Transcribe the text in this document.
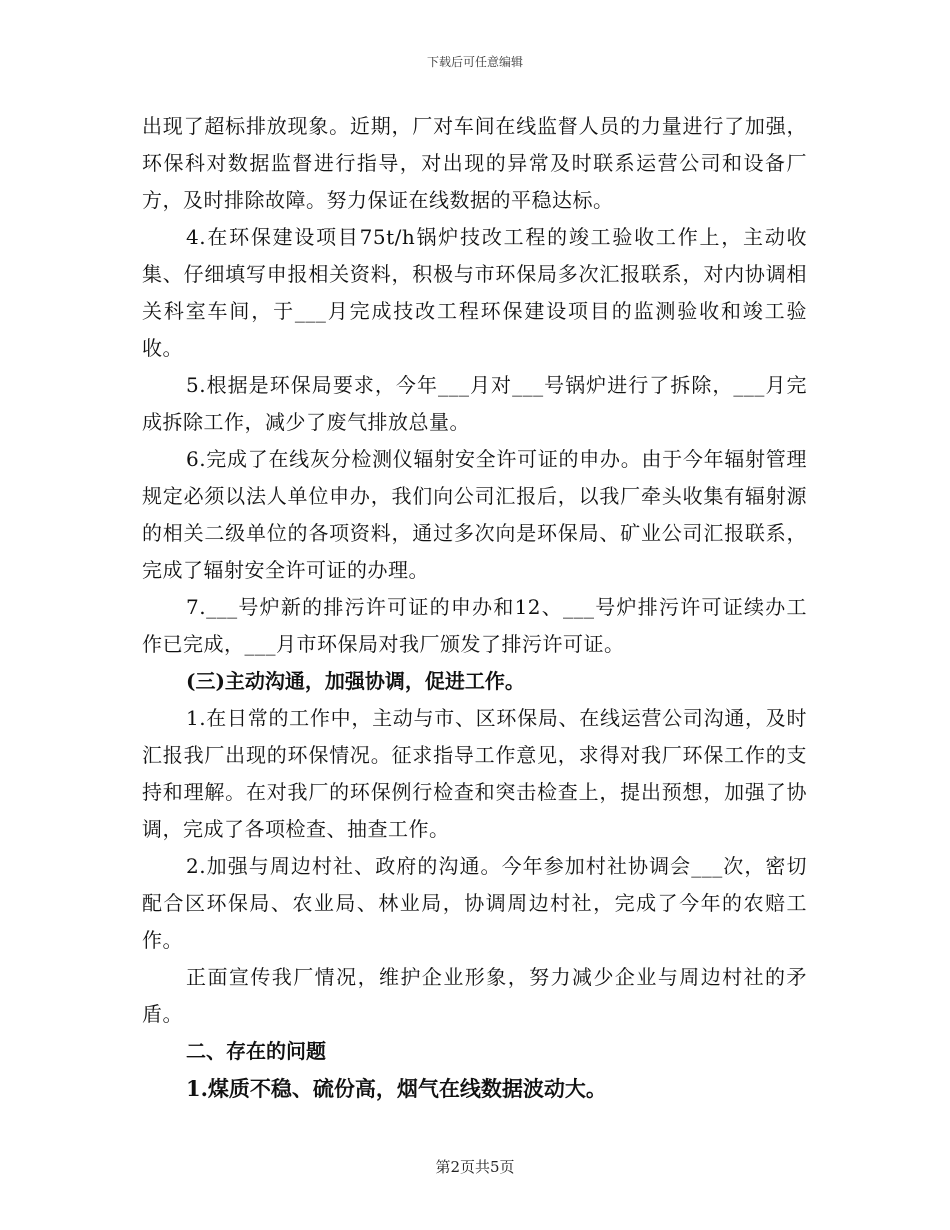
下载后可任意编辑

出现了超标排放现象。近期，厂对车间在线监督人员的力量进行了加强，环保科对数据监督进行指导，对出现的异常及时联系运营公司和设备厂方，及时排除故障。努力保证在线数据的平稳达标。

4.在环保建设项目75t/h锅炉技改工程的竣工验收工作上，主动收集、仔细填写申报相关资料，积极与市环保局多次汇报联系，对内协调相关科室车间，于___月完成技改工程环保建设项目的监测验收和竣工验收。

5.根据是环保局要求，今年___月对___号锅炉进行了拆除，___月完成拆除工作，减少了废气排放总量。

6.完成了在线灰分检测仪辐射安全许可证的申办。由于今年辐射管理规定必须以法人单位申办，我们向公司汇报后，以我厂牵头收集有辐射源的相关二级单位的各项资料，通过多次向是环保局、矿业公司汇报联系，完成了辐射安全许可证的办理。

7.___号炉新的排污许可证的申办和12、___号炉排污许可证续办工作已完成，___月市环保局对我厂颁发了排污许可证。

(三)主动沟通，加强协调，促进工作。

1.在日常的工作中，主动与市、区环保局、在线运营公司沟通，及时汇报我厂出现的环保情况。征求指导工作意见，求得对我厂环保工作的支持和理解。在对我厂的环保例行检查和突击检查上，提出预想，加强了协调，完成了各项检查、抽查工作。

2.加强与周边村社、政府的沟通。今年参加村社协调会___次，密切配合区环保局、农业局、林业局，协调周边村社，完成了今年的农赔工作。

正面宣传我厂情况，维护企业形象，努力减少企业与周边村社的矛盾。

二、存在的问题

1.煤质不稳、硫份高，烟气在线数据波动大。

第2页共5页
